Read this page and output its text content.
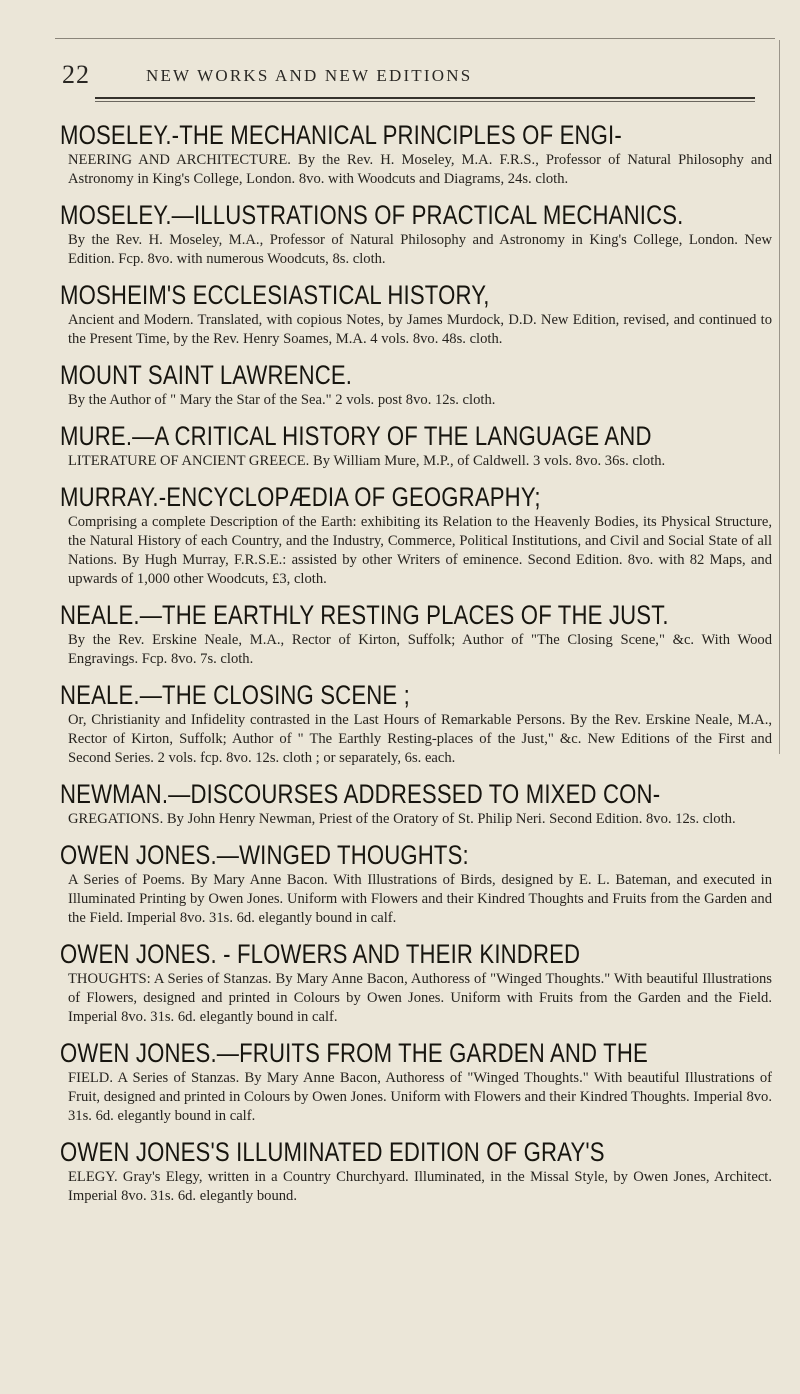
22	NEW WORKS AND NEW EDITIONS
MOSELEY.-THE MECHANICAL PRINCIPLES OF ENGI-
NEERING AND ARCHITECTURE. By the Rev. H. Moseley, M.A. F.R.S., Professor of Natural Philosophy and Astronomy in King's College, London. 8vo. with Woodcuts and Diagrams, 24s. cloth.
MOSELEY.—ILLUSTRATIONS OF PRACTICAL MECHANICS.
By the Rev. H. Moseley, M.A., Professor of Natural Philosophy and Astronomy in King's College, London. New Edition. Fcp. 8vo. with numerous Woodcuts, 8s. cloth.
MOSHEIM'S ECCLESIASTICAL HISTORY,
Ancient and Modern. Translated, with copious Notes, by James Murdock, D.D. New Edition, revised, and continued to the Present Time, by the Rev. Henry Soames, M.A. 4 vols. 8vo. 48s. cloth.
MOUNT SAINT LAWRENCE.
By the Author of " Mary the Star of the Sea." 2 vols. post 8vo. 12s. cloth.
MURE.—A CRITICAL HISTORY OF THE LANGUAGE AND
LITERATURE OF ANCIENT GREECE. By William Mure, M.P., of Caldwell. 3 vols. 8vo. 36s. cloth.
MURRAY.-ENCYCLOPÆDIA OF GEOGRAPHY;
Comprising a complete Description of the Earth: exhibiting its Relation to the Heavenly Bodies, its Physical Structure, the Natural History of each Country, and the Industry, Commerce, Political Institutions, and Civil and Social State of all Nations. By Hugh Murray, F.R.S.E.: assisted by other Writers of eminence. Second Edition. 8vo. with 82 Maps, and upwards of 1,000 other Woodcuts, £3, cloth.
NEALE.—THE EARTHLY RESTING PLACES OF THE JUST.
By the Rev. Erskine Neale, M.A., Rector of Kirton, Suffolk; Author of "The Closing Scene," &c. With Wood Engravings. Fcp. 8vo. 7s. cloth.
NEALE.—THE CLOSING SCENE ;
Or, Christianity and Infidelity contrasted in the Last Hours of Remarkable Persons. By the Rev. Erskine Neale, M.A., Rector of Kirton, Suffolk; Author of " The Earthly Resting-places of the Just," &c. New Editions of the First and Second Series. 2 vols. fcp. 8vo. 12s. cloth ; or separately, 6s. each.
NEWMAN.—DISCOURSES ADDRESSED TO MIXED CON-
GREGATIONS. By John Henry Newman, Priest of the Oratory of St. Philip Neri. Second Edition. 8vo. 12s. cloth.
OWEN JONES.—WINGED THOUGHTS:
A Series of Poems. By Mary Anne Bacon. With Illustrations of Birds, designed by E. L. Bateman, and executed in Illuminated Printing by Owen Jones. Uniform with Flowers and their Kindred Thoughts and Fruits from the Garden and the Field. Imperial 8vo. 31s. 6d. elegantly bound in calf.
OWEN JONES. - FLOWERS AND THEIR KINDRED
THOUGHTS: A Series of Stanzas. By Mary Anne Bacon, Authoress of "Winged Thoughts." With beautiful Illustrations of Flowers, designed and printed in Colours by Owen Jones. Uniform with Fruits from the Garden and the Field. Imperial 8vo. 31s. 6d. elegantly bound in calf.
OWEN JONES.—FRUITS FROM THE GARDEN AND THE
FIELD. A Series of Stanzas. By Mary Anne Bacon, Authoress of "Winged Thoughts." With beautiful Illustrations of Fruit, designed and printed in Colours by Owen Jones. Uniform with Flowers and their Kindred Thoughts. Imperial 8vo. 31s. 6d. elegantly bound in calf.
OWEN JONES'S ILLUMINATED EDITION OF GRAY'S
ELEGY. Gray's Elegy, written in a Country Churchyard. Illuminated, in the Missal Style, by Owen Jones, Architect. Imperial 8vo. 31s. 6d. elegantly bound.
